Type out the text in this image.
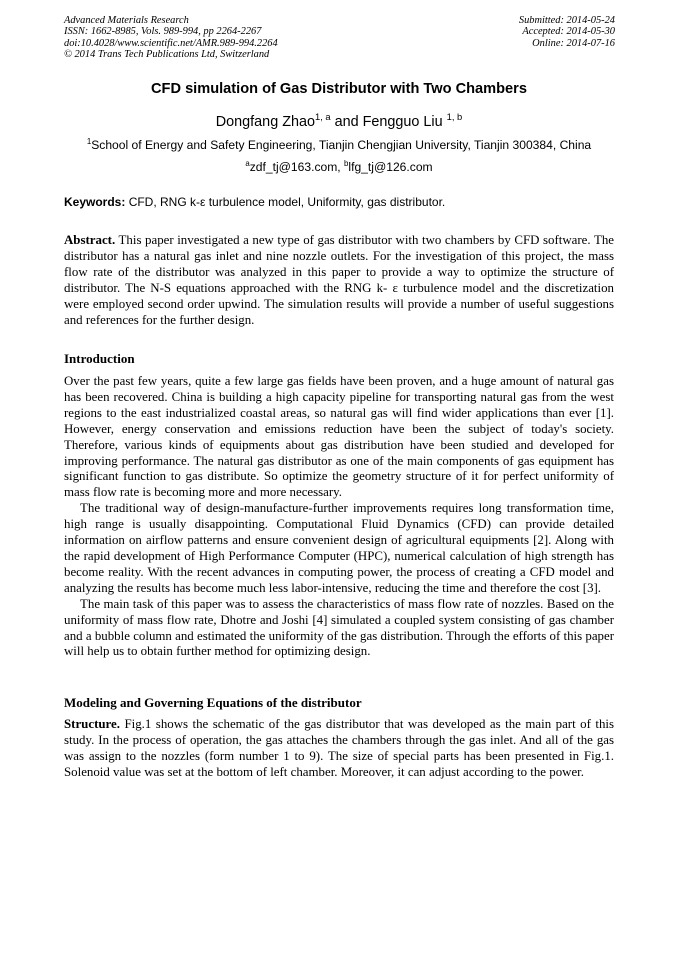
Advanced Materials Research
ISSN: 1662-8985, Vols. 989-994, pp 2264-2267
doi:10.4028/www.scientific.net/AMR.989-994.2264
© 2014 Trans Tech Publications Ltd, Switzerland
Submitted: 2014-05-24
Accepted: 2014-05-30
Online: 2014-07-16
CFD simulation of Gas Distributor with Two Chambers
Dongfang Zhao$^{1, a}$ and Fengguo Liu $^{1, b}$
$^1$School of Energy and Safety Engineering, Tianjin Chengjian University, Tianjin 300384, China
$^a$zdf_tj@163.com, $^b$lfg_tj@126.com
Keywords: CFD, RNG k-ε turbulence model, Uniformity, gas distributor.

Abstract. This paper investigated a new type of gas distributor with two chambers by CFD software. The distributor has a natural gas inlet and nine nozzle outlets. For the investigation of this project, the mass flow rate of the distributor was analyzed in this paper to provide a way to optimize the structure of distributor. The N-S equations approached with the RNG k- ε turbulence model and the discretization were employed second order upwind. The simulation results will provide a number of useful suggestions and references for the further design.

Introduction

Over the past few years, quite a few large gas fields have been proven, and a huge amount of natural gas has been recovered. China is building a high capacity pipeline for transporting natural gas from the west regions to the east industrialized coastal areas, so natural gas will find wider applications than ever [1]. However, energy conservation and emissions reduction have been the subject of today's society. Therefore, various kinds of equipments about gas distribution have been studied and developed for improving performance. The natural gas distributor as one of the main components of gas equipment has significant function to gas distribute. So optimize the geometry structure of it for perfect uniformity of mass flow rate is becoming more and more necessary.

The traditional way of design-manufacture-further improvements requires long transformation time, high range is usually disappointing. Computational Fluid Dynamics (CFD) can provide detailed information on airflow patterns and ensure convenient design of agricultural equipments [2]. Along with the rapid development of High Performance Computer (HPC), numerical calculation of high strength has become reality. With the recent advances in computing power, the process of creating a CFD model and analyzing the results has become much less labor-intensive, reducing the time and therefore the cost [3].

The main task of this paper was to assess the characteristics of mass flow rate of nozzles. Based on the uniformity of mass flow rate, Dhotre and Joshi [4] simulated a coupled system consisting of gas chamber and a bubble column and estimated the uniformity of the gas distribution. Through the efforts of this paper will help us to obtain further method for optimizing design.

Modeling and Governing Equations of the distributor

Structure. Fig.1 shows the schematic of the gas distributor that was developed as the main part of this study. In the process of operation, the gas attaches the chambers through the gas inlet. And all of the gas was assign to the nozzles (form number 1 to 9). The size of special parts has been presented in Fig.1. Solenoid value was set at the bottom of left chamber. Moreover, it can adjust according to the power.
